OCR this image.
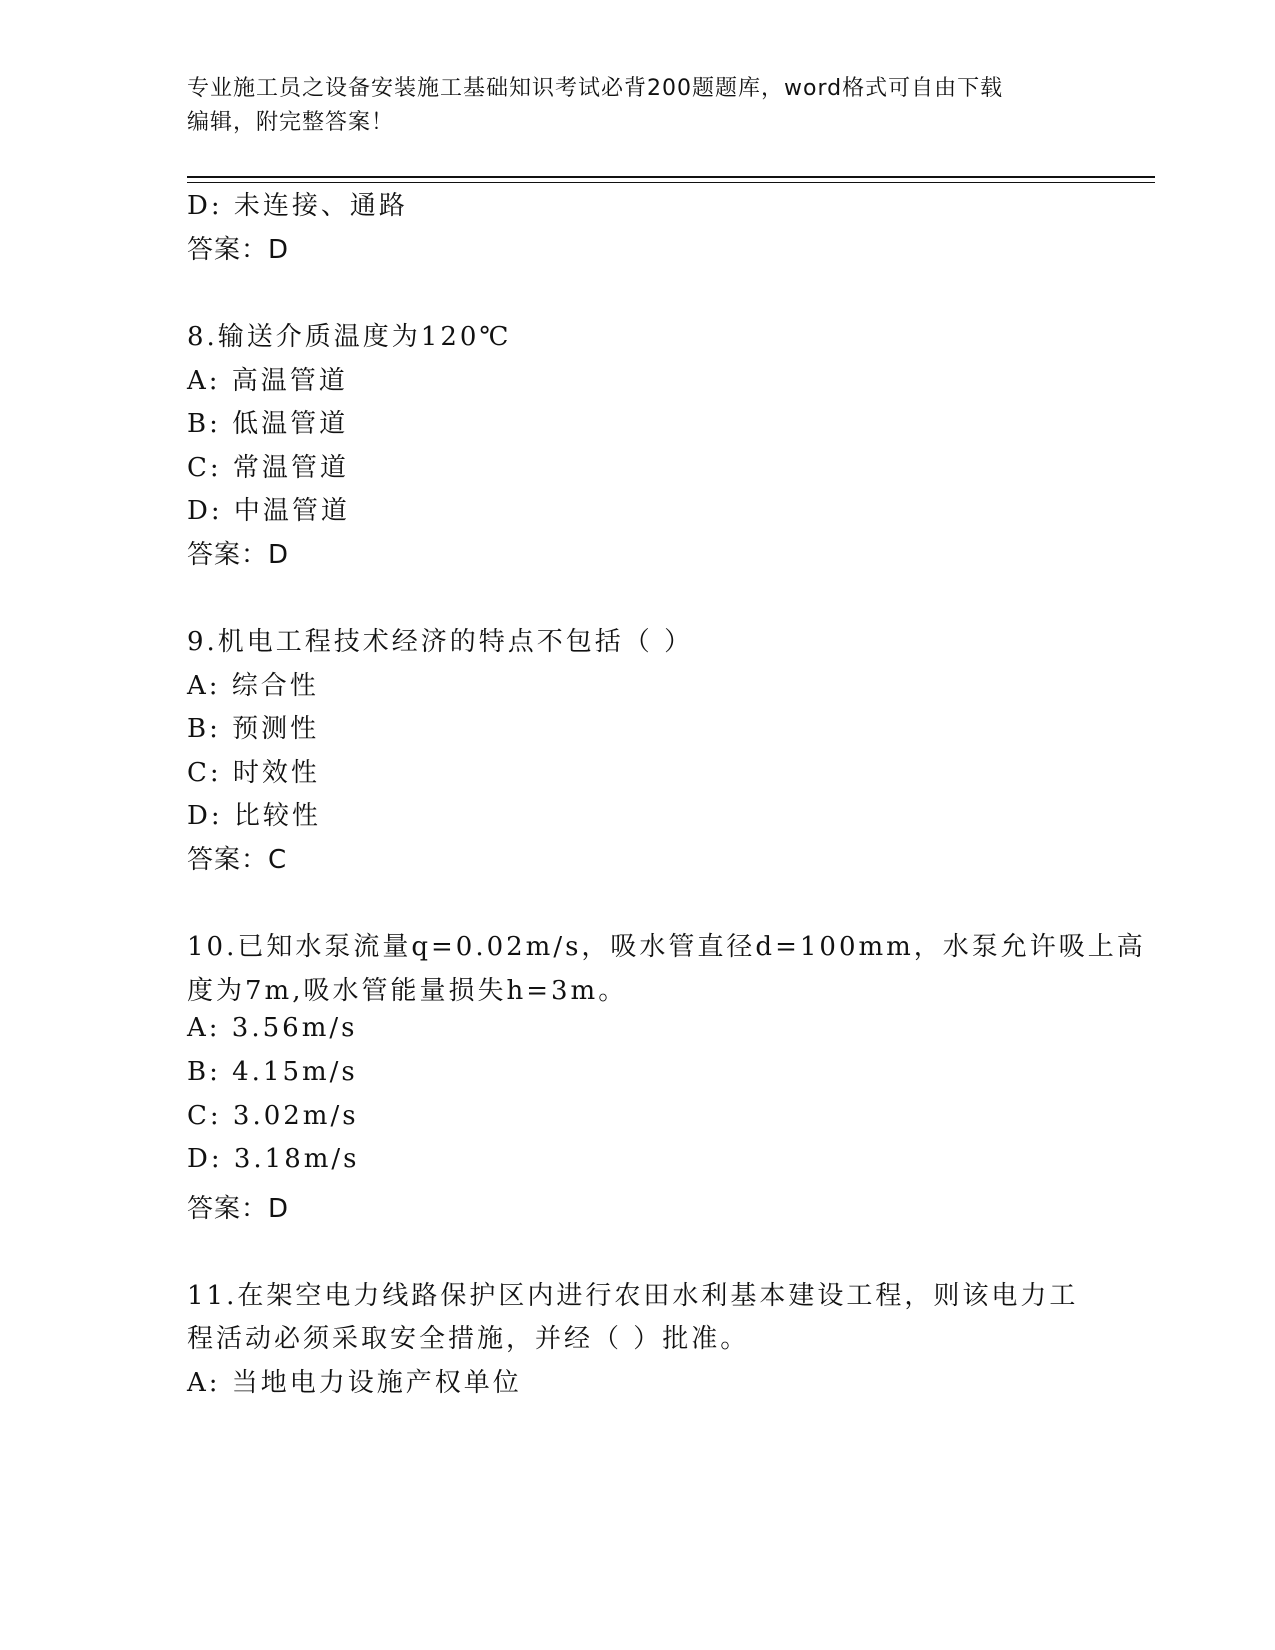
专业施工员之设备安装施工基础知识考试必背200题题库，word格式可自由下载
编辑，附完整答案！
D: 未连接、通路
答案：D
8.输送介质温度为120℃
A: 高温管道
B: 低温管道
C: 常温管道
D: 中温管道
答案：D
9.机电工程技术经济的特点不包括（ ）
A: 综合性
B: 预测性
C: 时效性
D: 比较性
答案：C
10.已知水泵流量q=0.02m/s，吸水管直径d=100mm，水泵允许吸上高
度为7m,吸水管能量损失h=3m。
A: 3.56m/s
B: 4.15m/s
C: 3.02m/s
D: 3.18m/s
答案：D
11.在架空电力线路保护区内进行农田水利基本建设工程，则该电力工
程活动必须采取安全措施，并经（ ）批准。
A: 当地电力设施产权单位
